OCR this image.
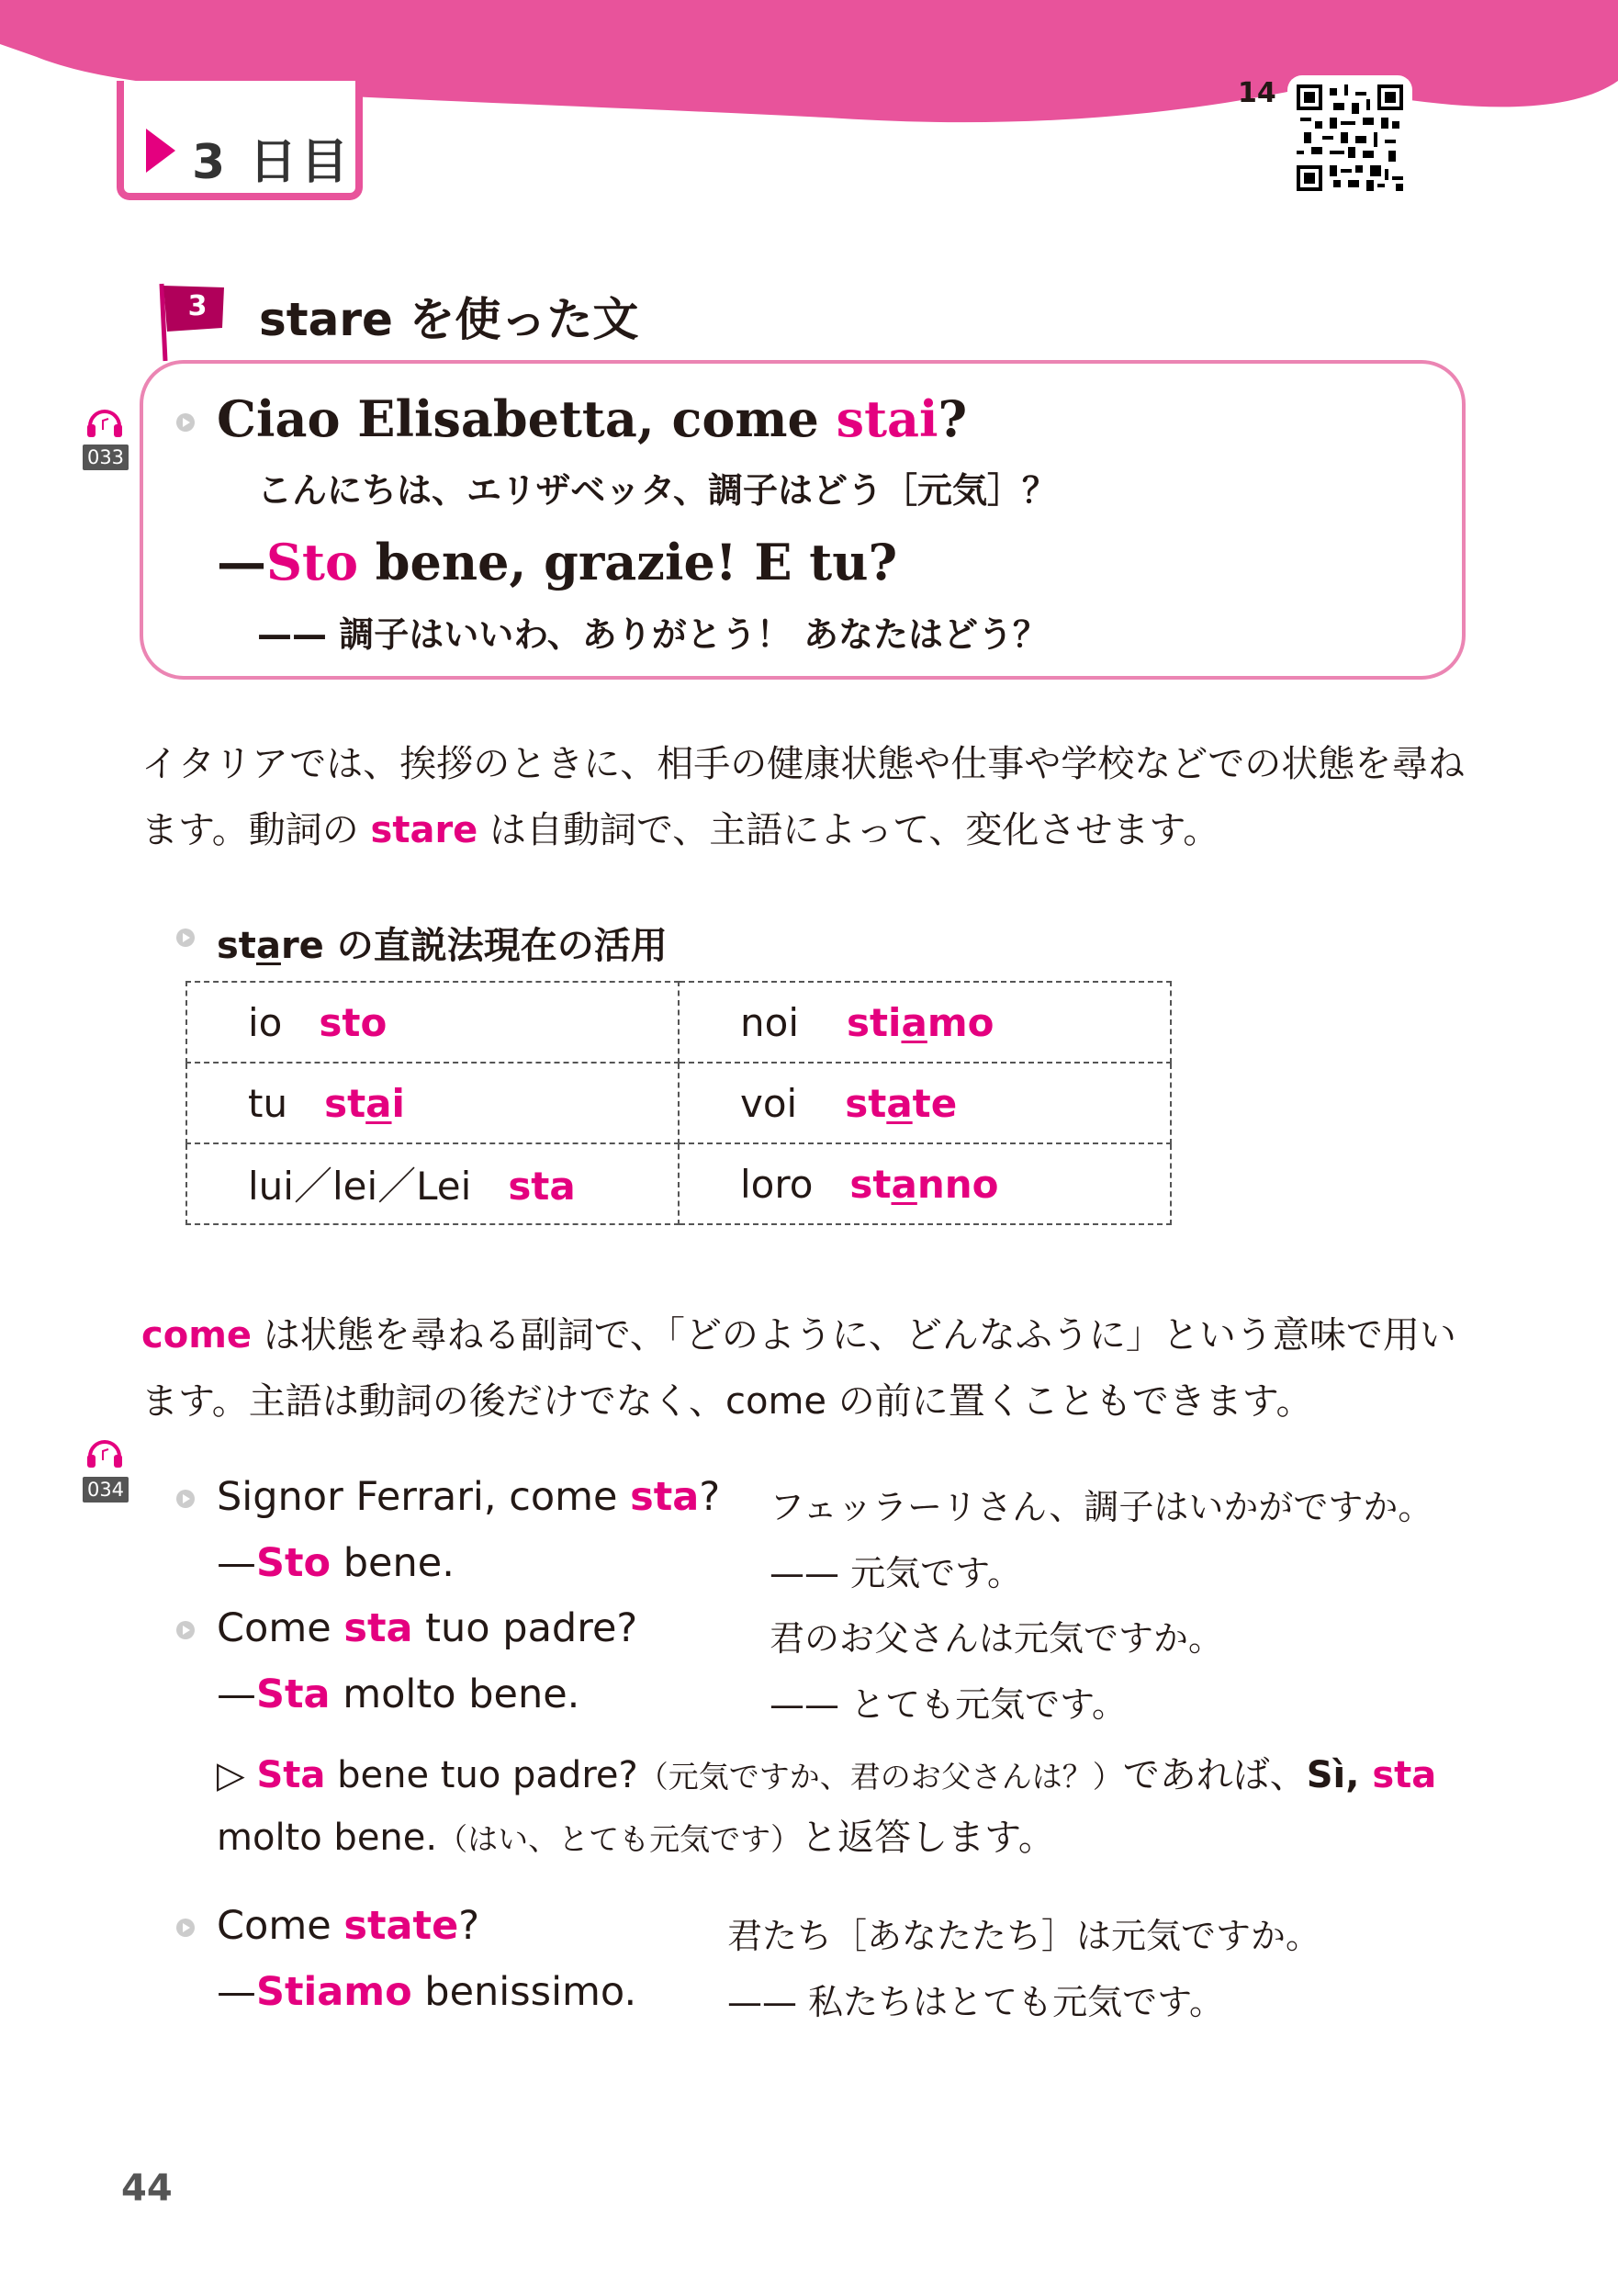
3 日目
14
3 stare を使った文
033
Ciao Elisabetta, come stai?
こんにちは、エリザベッタ、調子はどう［元気］？
—Sto bene, grazie! E tu?
—— 調子はいいわ、ありがとう！ あなたはどう？
イタリアでは、挨拶のときに、相手の健康状態や仕事や学校などでの状態を尋ねます。動詞の stare は自動詞で、主語によって、変化させます。
stare の直説法現在の活用
io sto	noi stiamo
tu stai	voi state
lui／lei／Lei sta	loro stanno
come は状態を尋ねる副詞で、「どのように、どんなふうに」という意味で用います。主語は動詞の後だけでなく、come の前に置くこともできます。
034 Signor Ferrari, come sta? フェッラーリさん、調子はいかがですか。
—Sto bene.	—— 元気です。
Come sta tuo padre?	君のお父さんは元気ですか。
—Sta molto bene.	—— とても元気です。
▷ Sta bene tuo padre?（元気ですか、君のお父さんは？）であれば、Sì, sta molto bene.（はい、とても元気です）と返答します。
Come state?	君たち［あなたたち］は元気ですか。
—Stiamo benissimo.	—— 私たちはとても元気です。
44
